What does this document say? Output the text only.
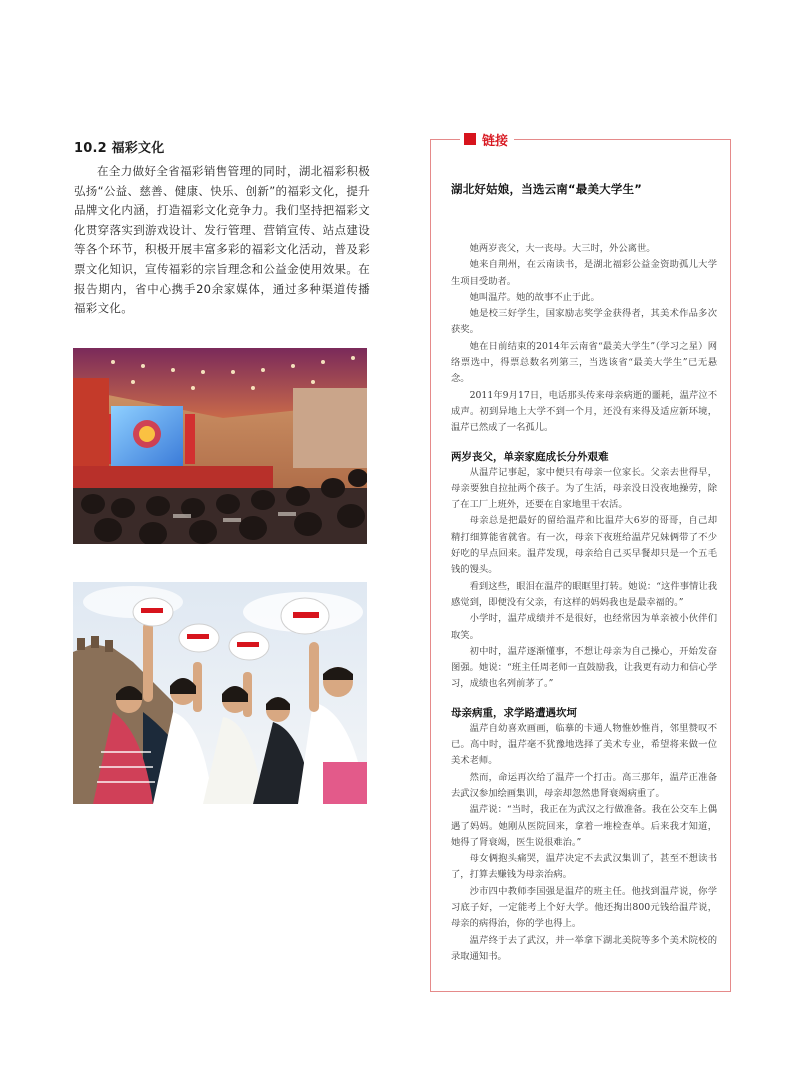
10.2 福彩文化

在全力做好全省福彩销售管理的同时，湖北福彩积极弘扬“公益、慈善、健康、快乐、创新”的福彩文化，提升品牌文化内涵，打造福彩文化竞争力。我们坚持把福彩文化贯穿落实到游戏设计、发行管理、营销宣传、站点建设等各个环节，积极开展丰富多彩的福彩文化活动，普及彩票文化知识，宣传福彩的宗旨理念和公益金使用效果。在报告期内，省中心携手20余家媒体，通过多种渠道传播福彩文化。

链接
湖北好姑娘，当选云南“最美大学生”

她两岁丧父，大一丧母。大三时，外公离世。

她来自荆州，在云南读书，是湖北福彩公益金资助孤儿大学生项目受助者。

她叫温芹。她的故事不止于此。

她是校三好学生，国家励志奖学金获得者，其美术作品多次获奖。

她在日前结束的2014年云南省“最美大学生”（学习之星）网络票选中，得票总数名列第三，当选该省“最美大学生”已无悬念。

2011年9月17日，电话那头传来母亲病逝的噩耗，温芹泣不成声。初到异地上大学不到一个月，还没有来得及适应新环境，温芹已然成了一名孤儿。

两岁丧父，单亲家庭成长分外艰难

从温芹记事起，家中便只有母亲一位家长。父亲去世得早，母亲要独自拉扯两个孩子。为了生活，母亲没日没夜地操劳，除了在工厂上班外，还要在自家地里干农活。

母亲总是把最好的留给温芹和比温芹大6岁的哥哥，自己却精打细算能省就省。有一次，母亲下夜班给温芹兄妹俩带了不少好吃的早点回来。温芹发现，母亲给自己买早餐却只是一个五毛钱的馒头。

看到这些，眼泪在温芹的眼眶里打转。她说：“这件事情让我感觉到，即便没有父亲，有这样的妈妈我也是最幸福的。”

小学时，温芹成绩并不是很好，也经常因为单亲被小伙伴们取笑。

初中时，温芹逐渐懂事，不想让母亲为自己操心，开始发奋图强。她说：“班主任周老师一直鼓励我，让我更有动力和信心学习，成绩也名列前茅了。”

母亲病重，求学路遭遇坎坷

温芹自幼喜欢画画，临摹的卡通人物惟妙惟肖，邻里赞叹不已。高中时，温芹毫不犹豫地选择了美术专业，希望将来做一位美术老师。

然而，命运再次给了温芹一个打击。高三那年，温芹正准备去武汉参加绘画集训，母亲却忽然患肾衰竭病重了。

温芹说：“当时，我正在为武汉之行做准备。我在公交车上偶遇了妈妈。她刚从医院回来，拿着一堆检查单。后来我才知道，她得了肾衰竭，医生说很难治。”

母女俩抱头痛哭，温芹决定不去武汉集训了，甚至不想读书了，打算去赚钱为母亲治病。

沙市四中教师李国强是温芹的班主任。他找到温芹说，你学习底子好，一定能考上个好大学。他还掏出800元钱给温芹说，母亲的病得治，你的学也得上。

温芹终于去了武汉，并一举拿下湖北美院等多个美术院校的录取通知书。
